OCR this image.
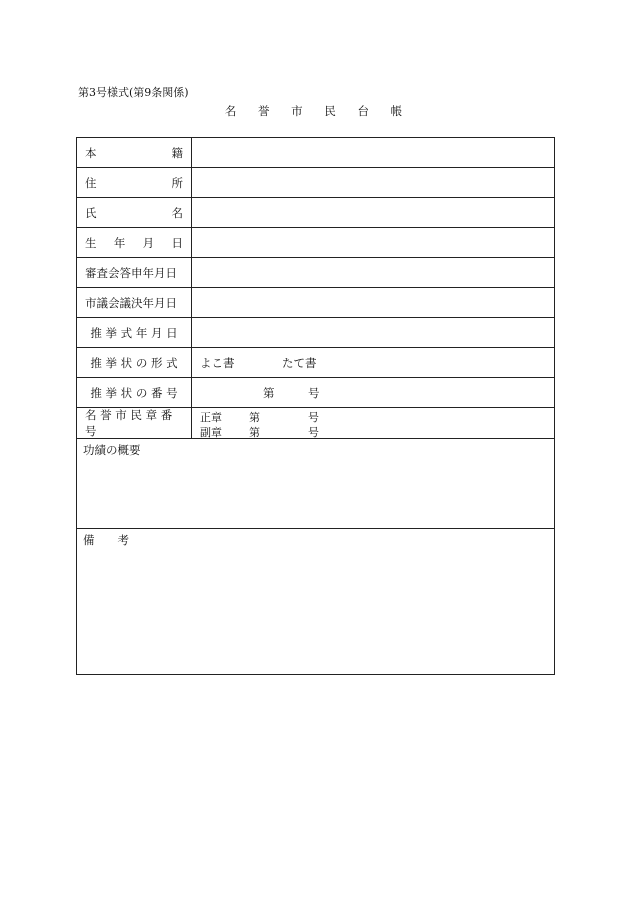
第3号様式(第9条関係)
名 誉 市 民 台 帳
本	籍
住	所
氏	名
生 年 月 日
審査会答申年月日
市議会議決年月日
推 挙 式 年 月 日
推 挙 状 の 形 式 よこ書	たて書
推 挙 状 の 番 号	第	号
名 誉 市 民 章 番 号
正章 第	号
副章 第	号
功績の概要
備 考
